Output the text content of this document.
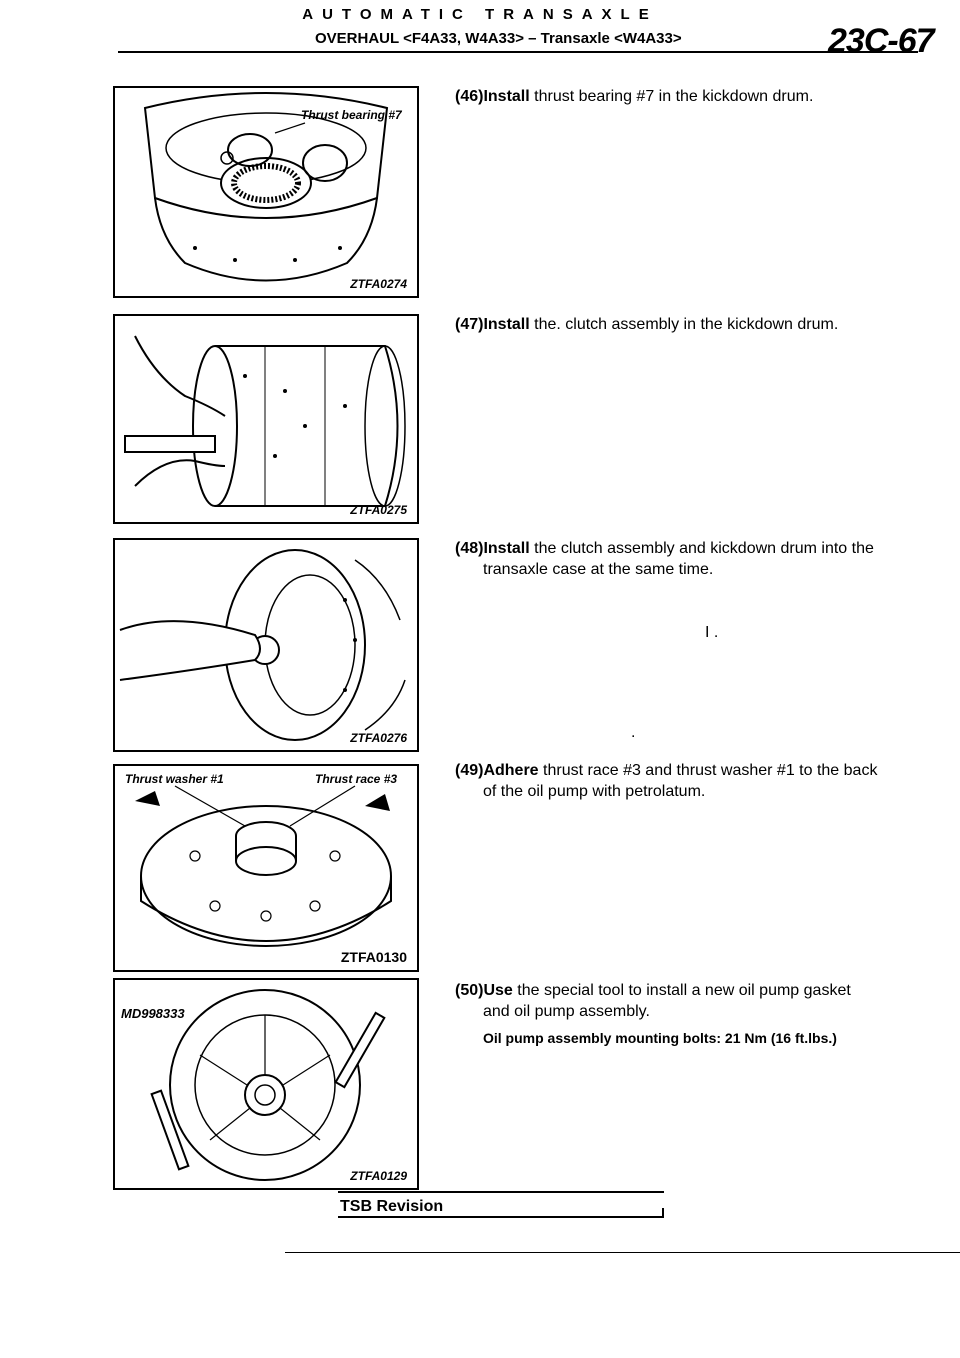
AUTOMATIC TRANSAXLE
OVERHAUL <F4A33, W4A33> – Transaxle <W4A33>	23C-67
Thrust bearing #7
ZTFA0274
ZTFA0275
ZTFA0276
Thrust washer #1	Thrust race #3
ZTFA0130
MD998333
ZTFA0129
(46)Install thrust bearing #7 in the kickdown drum.
(47)Install the. clutch assembly in the kickdown drum.
(48)Install the clutch assembly and kickdown drum into the
transaxle case at the same time.
I .
.
(49)Adhere thrust race #3 and thrust washer #1 to the back
of the oil pump with petrolatum.
(50)Use the special tool to install a new oil pump gasket
and oil pump assembly.
Oil pump assembly mounting bolts: 21 Nm (16 ft.lbs.)
TSB Revision
